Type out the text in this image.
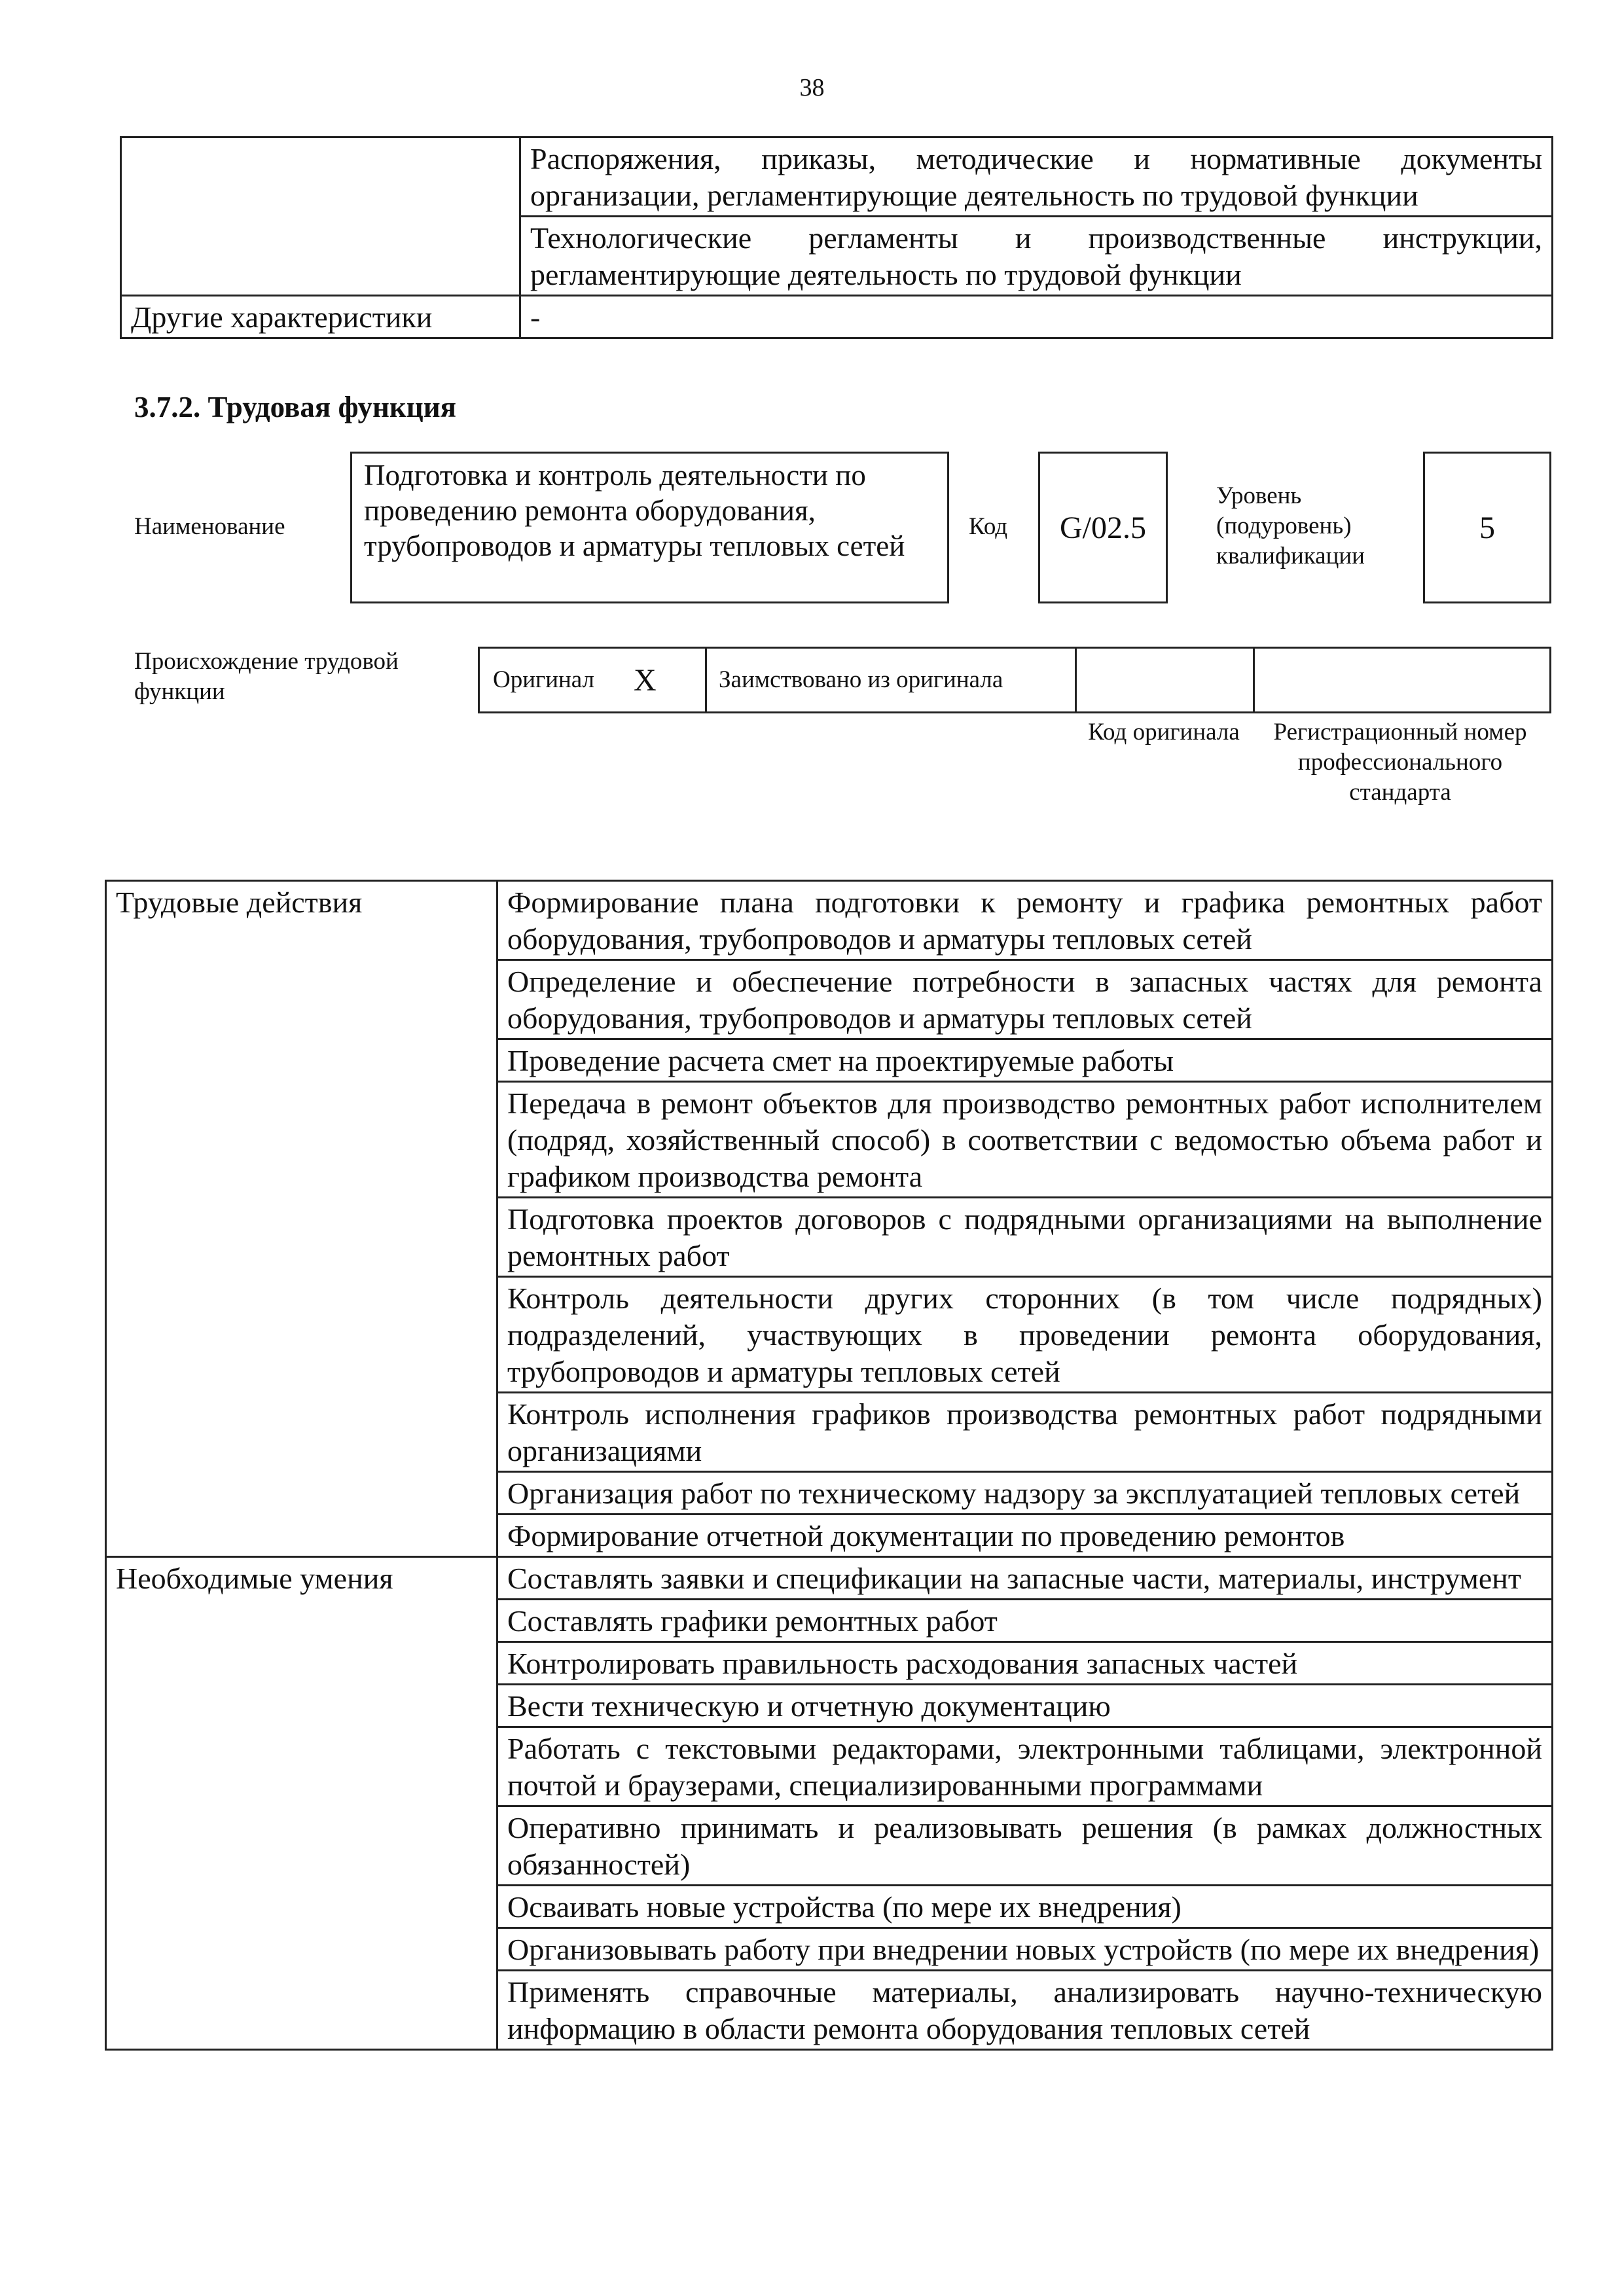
38
	Распоряжения, приказы, методические и нормативные документы организации, регламентирующие деятельность по трудовой функции
	Технологические регламенты и производственные инструкции, регламентирующие деятельность по трудовой функции
Другие характеристики	-
3.7.2. Трудовая функция
Наименование
Подготовка и контроль деятельности по проведению ремонта оборудования, трубопроводов и арматуры тепловых сетей
Код	G/02.5
Уровень (подуровень) квалификации
5
Происхождение трудовой функции	Оригинал X	Заимствовано из оригинала
Код оригинала	Регистрационный номер профессионального стандарта
Трудовые действия	Формирование плана подготовки к ремонту и графика ремонтных работ оборудования, трубопроводов и арматуры тепловых сетей
	Определение и обеспечение потребности в запасных частях для ремонта оборудования, трубопроводов и арматуры тепловых сетей
	Проведение расчета смет на проектируемые работы
	Передача в ремонт объектов для производство ремонтных работ исполнителем (подряд, хозяйственный способ) в соответствии с ведомостью объема работ и графиком производства ремонта
	Подготовка проектов договоров с подрядными организациями на выполнение ремонтных работ
	Контроль деятельности других сторонних (в том числе подрядных) подразделений, участвующих в проведении ремонта оборудования, трубопроводов и арматуры тепловых сетей
	Контроль исполнения графиков производства ремонтных работ подрядными организациями
	Организация работ по техническому надзору за эксплуатацией тепловых сетей
	Формирование отчетной документации по проведению ремонтов
Необходимые умения	Составлять заявки и спецификации на запасные части, материалы, инструмент
	Составлять графики ремонтных работ
	Контролировать правильность расходования запасных частей
	Вести техническую и отчетную документацию
	Работать с текстовыми редакторами, электронными таблицами, электронной почтой и браузерами, специализированными программами
	Оперативно принимать и реализовывать решения (в рамках должностных обязанностей)
	Осваивать новые устройства (по мере их внедрения)
	Организовывать работу при внедрении новых устройств (по мере их внедрения)
	Применять справочные материалы, анализировать научно-техническую информацию в области ремонта оборудования тепловых сетей
